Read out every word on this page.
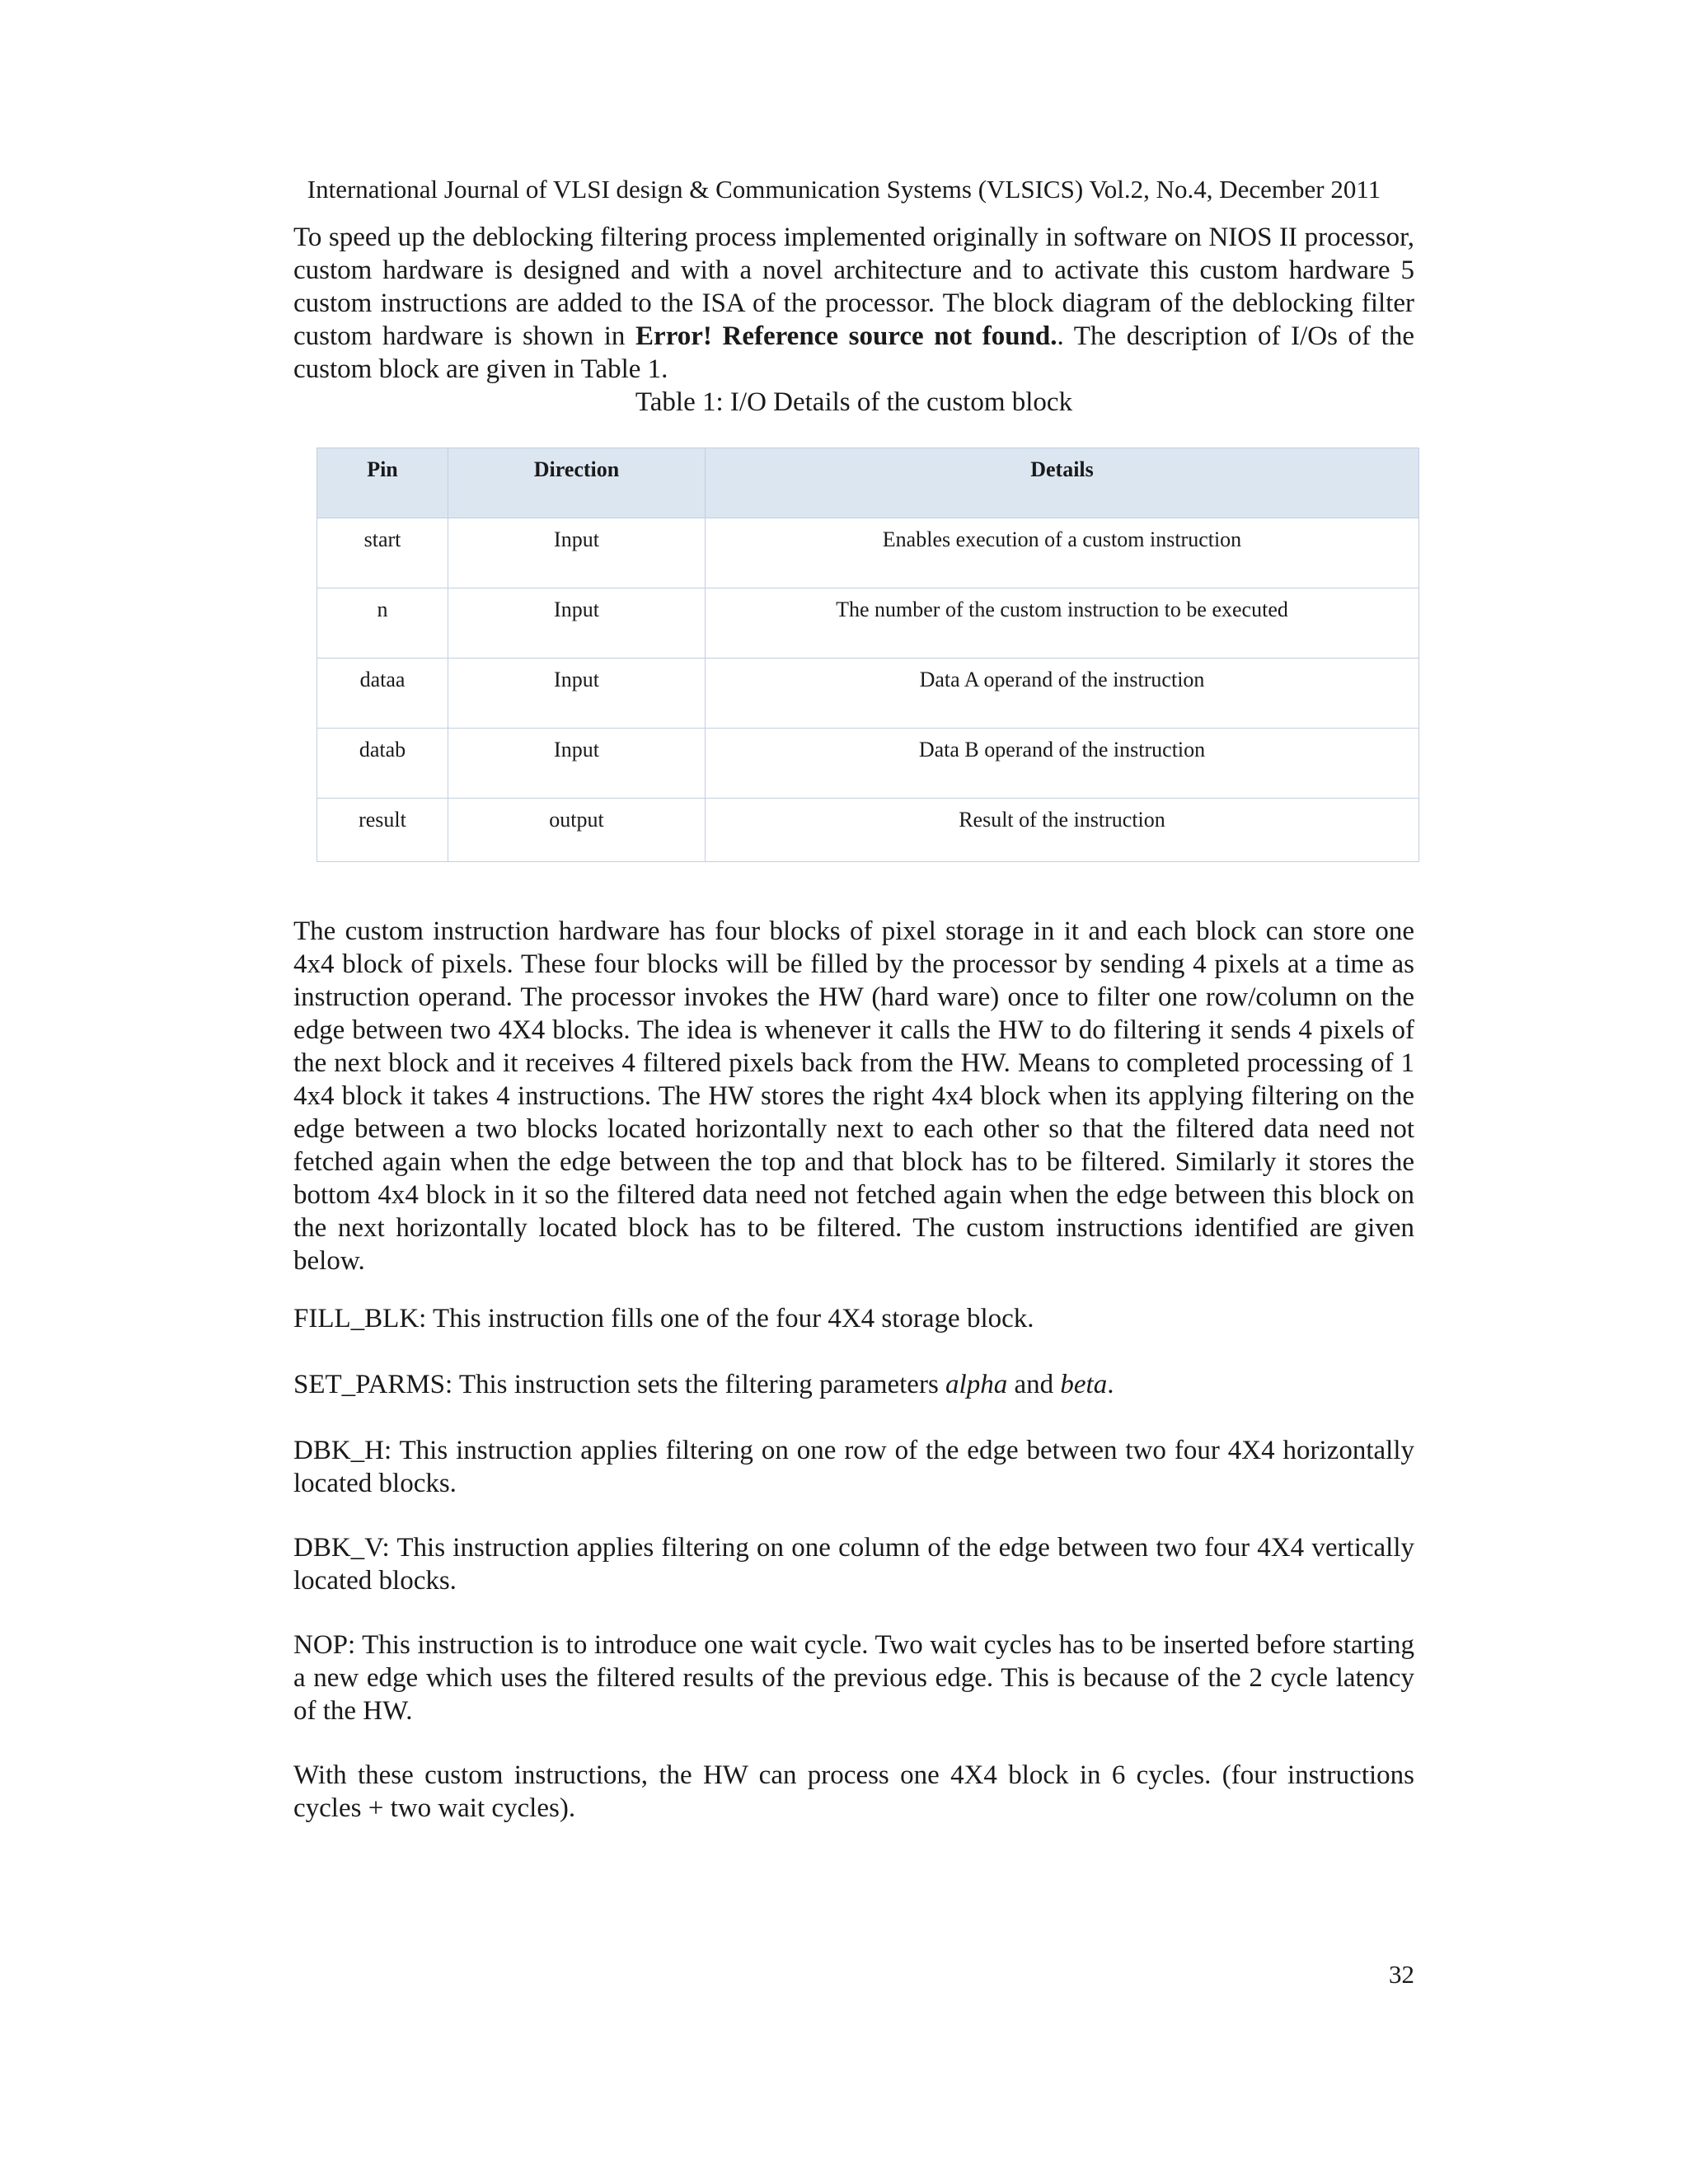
International Journal of VLSI design & Communication Systems (VLSICS) Vol.2, No.4, December 2011

To speed up the deblocking filtering process implemented originally in software on NIOS II processor, custom hardware is designed and with a novel architecture and to activate this custom hardware 5 custom instructions are added to the ISA of the processor. The block diagram of the deblocking filter custom hardware is shown in Error! Reference source not found.. The description of I/Os of the custom block are given in Table 1.

Table 1: I/O Details of the custom block

Pin	Direction	Details
start	Input	Enables execution of a custom instruction
n	Input	The number of the custom instruction to be executed
dataa	Input	Data A operand of the instruction
datab	Input	Data B operand of the instruction
result	output	Result of the instruction

The custom instruction hardware has four blocks of pixel storage in it and each block can store one 4x4 block of pixels. These four blocks will be filled by the processor by sending 4 pixels at a time as instruction operand. The processor invokes the HW (hard ware) once to filter one row/column on the edge between two 4X4 blocks. The idea is whenever it calls the HW to do filtering it sends 4 pixels of the next block and it receives 4 filtered pixels back from the HW. Means to completed processing of 1 4x4 block it takes 4 instructions. The HW stores the right 4x4 block when its applying filtering on the edge between a two blocks located horizontally next to each other so that the filtered data need not fetched again when the edge between the top and that block has to be filtered. Similarly it stores the bottom 4x4 block in it so the filtered data need not fetched again when the edge between this block on the next horizontally located block has to be filtered. The custom instructions identified are given below.

FILL_BLK: This instruction fills one of the four 4X4 storage block.

SET_PARMS: This instruction sets the filtering parameters alpha and beta.

DBK_H: This instruction applies filtering on one row of the edge between two four 4X4 horizontally located blocks.

DBK_V: This instruction applies filtering on one column of the edge between two four 4X4 vertically located blocks.

NOP: This instruction is to introduce one wait cycle. Two wait cycles has to be inserted before starting a new edge which uses the filtered results of the previous edge. This is because of the 2 cycle latency of the HW.

With these custom instructions, the HW can process one 4X4 block in 6 cycles. (four instructions cycles + two wait cycles).

32
